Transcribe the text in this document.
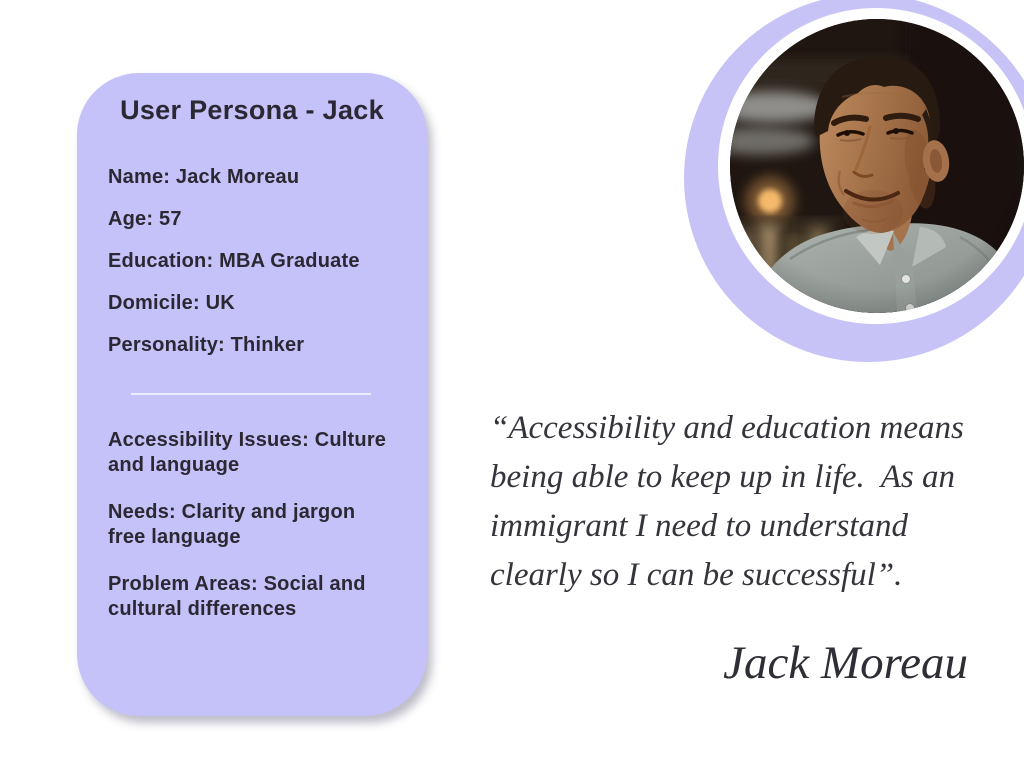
User Persona - Jack

Name: Jack Moreau

Age: 57

Education: MBA Graduate

Domicile: UK

Personality: Thinker

Accessibility Issues: Culture
and language

Needs: Clarity and jargon
free language

Problem Areas: Social and
cultural differences

“Accessibility and education means
being able to keep up in life.  As an
immigrant I need to understand
clearly so I can be successful”.

Jack Moreau
